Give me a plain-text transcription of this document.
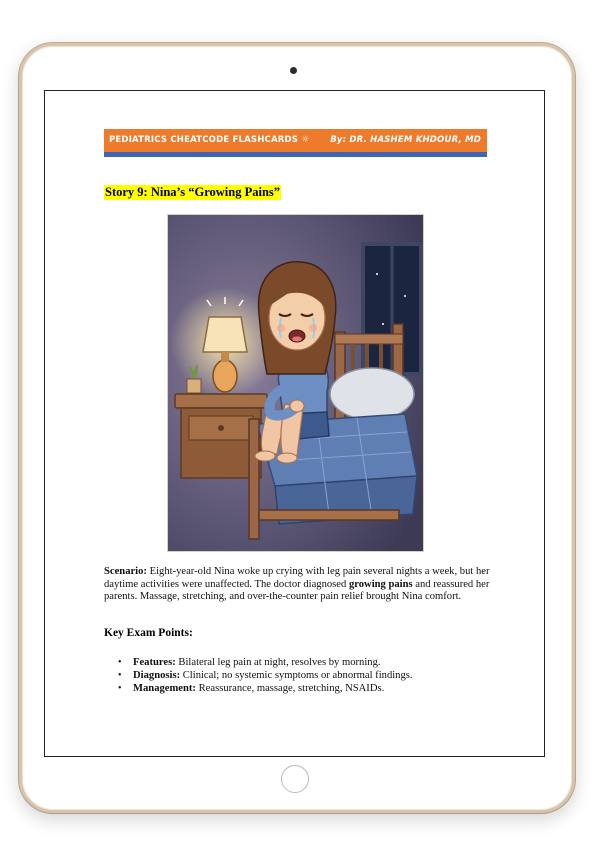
PEDIATRICS CHEATCODE FLASHCARDS ☼ By: DR. HASHEM KHDOUR, MD
Story 9: Nina’s “Growing Pains”

Scenario: Eight-year-old Nina woke up crying with leg pain several nights a week, but her daytime activities were unaffected. The doctor diagnosed growing pains and reassured her parents. Massage, stretching, and over-the-counter pain relief brought Nina comfort.

Key Exam Points:
• Features: Bilateral leg pain at night, resolves by morning.
• Diagnosis: Clinical; no systemic symptoms or abnormal findings.
• Management: Reassurance, massage, stretching, NSAIDs.
